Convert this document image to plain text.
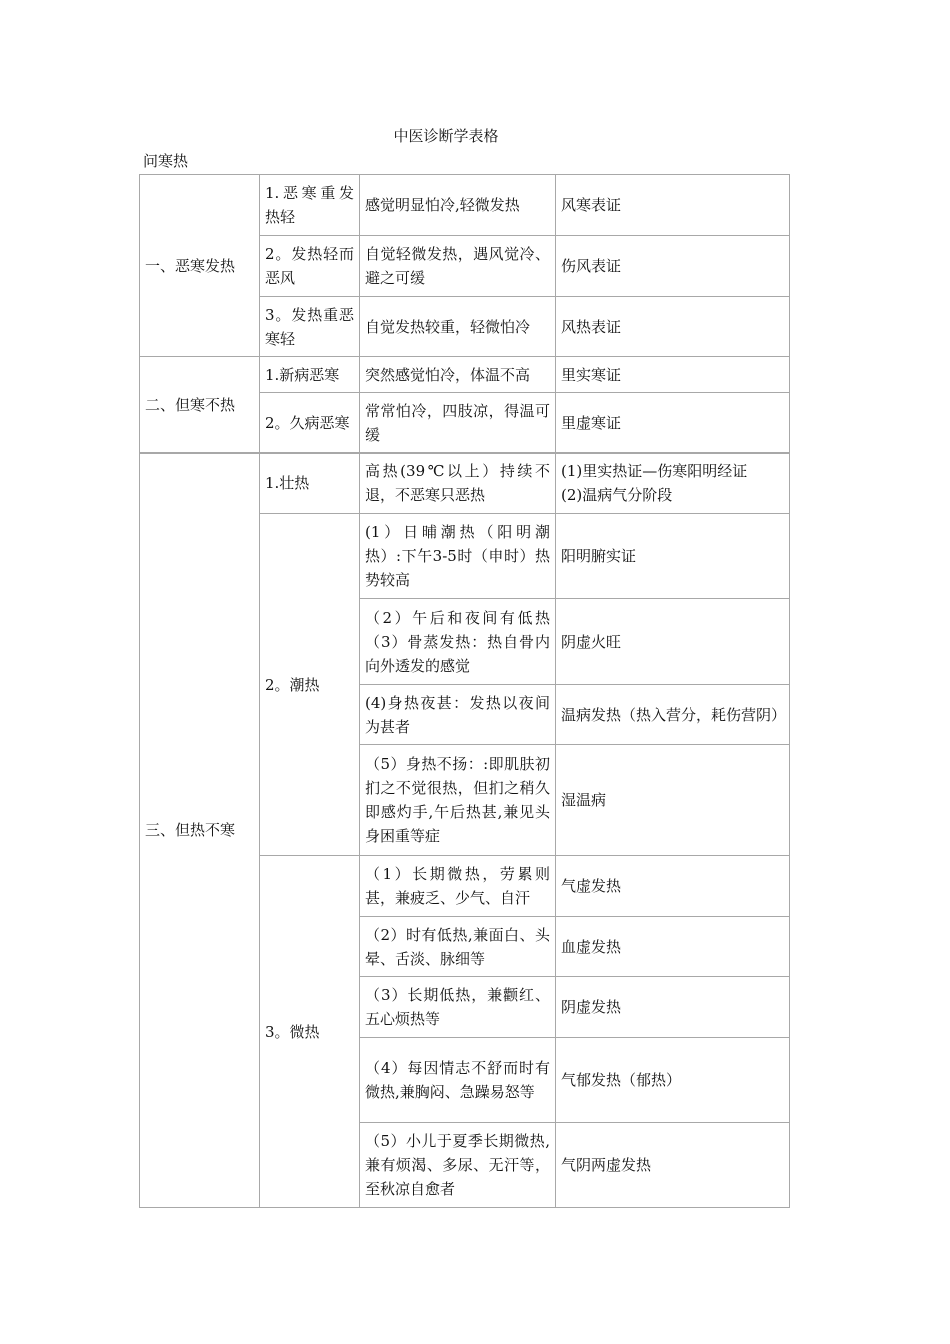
中医诊断学表格
问寒热
一、恶寒发热	1.恶寒重发热轻	感觉明显怕冷,轻微发热	风寒表证
	2。发热轻而恶风	自觉轻微发热，遇风觉冷、避之可缓	伤风表证
	3。发热重恶寒轻	自觉发热较重，轻微怕冷	风热表证
二、但寒不热	1.新病恶寒	突然感觉怕冷，体温不高	里实寒证
	2。久病恶寒	常常怕冷，四肢凉，得温可缓	里虚寒证
三、但热不寒	1.壮热	高热(39℃以上）持续不退，不恶寒只恶热	(1)里实热证—伤寒阳明经证
(2)温病气分阶段

	2。潮热	(1）日晡潮热（阳明潮热）:下午3-5时（申时）热势较高	阳明腑实证
		（2）午后和夜间有低热（3）骨蒸发热：热自骨内向外透发的感觉	阴虚火旺
		(4)身热夜甚：发热以夜间为甚者	温病发热（热入营分，耗伤营阴）
		（5）身热不扬：:即肌肤初扪之不觉很热，但扪之稍久即感灼手,午后热甚,兼见头身困重等症	湿温病
	3。微热	（1）长期微热，劳累则甚，兼疲乏、少气、自汗	气虚发热
		（2）时有低热,兼面白、头晕、舌淡、脉细等	血虚发热
		（3）长期低热，兼颧红、五心烦热等	阴虚发热
		（4）每因情志不舒而时有微热,兼胸闷、急躁易怒等	气郁发热（郁热）
		（5）小儿于夏季长期微热,兼有烦渴、多尿、无汗等，至秋凉自愈者	气阴两虚发热
